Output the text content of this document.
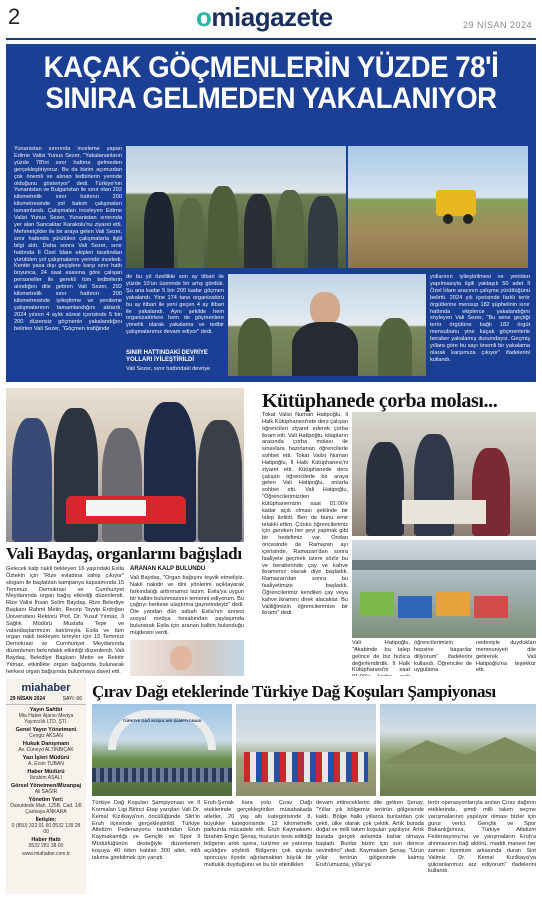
2	omiagazete	29 NİSAN 2024
KAÇAK GÖÇMENLERİN YÜZDE 78'İ
SINIRA GELMEDEN YAKALANIYOR
Yunanistan sınırında inceleme yapan Edirne Valisi Yunus Sezer, "Yakalananların yüzde 78'ini sınır hattına gelmeden gerçekleştiriyoruz. Bu da bizim açımızdan çok önemli ve alınan tedbirlerin yerinde olduğunu gösteriyor" dedi. Türkiye'nin Yunanistan ve Bulgaristan ile sınır olan 292 kilometrelik sınır hattının 200 kilometresinde yol bakım çalışmaları tamamlandı. Çalışmaları inceleyen Edirne Valisi Yunus Sezer, Yunanistan sınırında yer alan Sancaktar Karakolu'nu ziyaret etti. Mehmetçikler ile bir araya gelen Vali Sezer, sınır hattında yürütülen çalışmalarla ilgili bilgi aldı. Daha sonra Vali Sezer, sınır hattında İl Özel İdare ekipleri tarafından yürütülen yol çalışmalarını yerinde inceledi. Kentte yasa dışı geçişlere karşı sınır hattı boyunca, 24 saat esasına göre çalışan personeller ile gerekli tüm tedbirlerin alındığını dile getiren Vali Sezer, 292 kilometrelik sınır hattının 200 kilometresinde iyileştirme ve yenileme çalışmalarının tamamlandığını aktardı. 2024 yılının 4 aylık süresi içerisinde 5 bin 200 düzensiz göçmenin yakalandığını belirten Vali Sezer, "Göçmen trafiğinde
de bu yıl özellikle son ay itibari ile yüzde 10'un üzerinde bir artış gördük. Şu ana kadar 5 bin 200 kadar göçmen yakalandı. Yine 174 tane organizatörü bu ay itibari ile yeni geçen 4 ay itibari ile yakalandı. Aynı şekilde hem organizatörlere hem de göçmenlere yönelik olarak yakalama ve tedbir çalışmalarımız devam ediyor" dedi.
SINIR HATTINDAKİ DEVRİYE YOLLARI İYİLEŞTİRİLDİ
Vali Sezer, sınır hattındaki devriye
yollarının iyileştirilmesi ve yeniden yapılmasıyla ilgili yaklaşık 50 adet İl Özel İdare aracının çalışma yürüttüğünü belirtti. 2024 yılı içerisinde farklı terör örgütlerine mensup 182 şüphelinin sınır hattında ekiplerce yakalandığını söyleyen Vali Sezer, "Bu sene geçtiği terör örgütüne bağlı 182 örgüt mensubunu yine kaçak göçmenlerle beraber yakalamış durumdayız. Geçmiş yıllara göre bu sayı önemli bir yakalama olarak karşımıza çıkıyor" ifadelerini kullandı.
Vali Baydaş, organlarını bağışladı
Gelecek kalp nakli bekleyen 16 yaşındaki Esila Öztekin için "Rize evladına sahip çıkıyor" sloganı ile başlatılan kampanya kapsamında 15 Temmuz Demokrasi ve Cumhuriyet Meydanında organ bağış etkinliği düzenlendi. Rize Valisi İhsan Selim Baydaş, Rize Belediye Başkanı Rahmi Metin, Recep Tayyip Erdoğan Üniversitesi Rektörü Prof. Dr. Yusuf Yılmaz, İl Sağlık Müdürü Mustafa Tepe ve vatandaşlarımızın katılımıyla Esila ve tüm organ nakli bekleyen bireyler için 15 Temmuz Demokrasi ve Cumhuriyet Meydanında düzenlenen farkındalık etkinliği düzenlendi. Vali Baydaş, Belediye Başkanı Metin ve Rektör Yılmaz, etkinlikte organ bağışında bulunarak herkesi organ bağışında bulunmaya davet etti.
ARANAN KALP BULUNDU
Vali Baydaş, "Organ bağışını teşvik etmeliyiz. Nakil nakidir ve dini yönlerini açıklayarak farkındalığı arttırmamız lazım. Esila'ya uygun bir kalbin bulunmasının temenni ediyorum. Bu çağrıyı herkese ulaştırma gayretindeyiz" dedi. Öte yandan dün sabah Esila'nın annesi sosyal medya hesabından paylaşımda bulunarak Esila için aranan kalbin bulunduğu müjdesini verdi.
Kütüphanede çorba molası...
Tokat Valisi Numan Hatipoğlu, İl Halk Kütüphanesi'nde ders çalışan öğrencileri ziyaret ederek çorba ikram etti. Vali Hatipoğlu, kitapların arasında çorba molası ile sınavlara hazırlanan öğrencilerle sohbet etti. Tokat Valisi Numan Hatipoğlu, İl Halk Kütüphanesi'ni ziyaret etti. Kütüphanede ders çalışan öğrencilerle bir araya gelen Vali Hatipoğlu, onlarla sohbet etti. Vali Hatipoğlu, "Öğrencilerimizden kütüphanemizin saat 01:00'e kadar açık olması şeklinde bir talep iletildi. Ben de bunu emir telakki ettim. Çünkü öğrencilerimiz için gereken her şeyi yapmak gibi bir hedefimiz var. Ondan öncesinde de Ramazan ayı içerisinde, Ramazan'dan sonra faaliyete geçmek üzere sözle bu ve beraberinde çay ve kahve ikramımız olacak diye başladık. Ramazan'dan sonra bu faaliyetimize başladık. Öğrencilerimiz kendileri çay veya kahve ikramını direk alacaklar. Bu Valiliğimizin öğrencilerimize bir ikramı" dedi.
Vali Hatipoğlu, "Akabinde bu talep gelince de biz hızlıca değerlendirdik. İl Halk Kütüphanesi'ni saat
öğrencilerimizin hepsine başarılar diliyorum" ifadelerini kullandı. Öğrenciler de uygulama
nedeniyle duydukları memnuniyeti dile getirerek Vali Hatipoğlu'na teşekkür etti.
miahaber
29 NİSAN 2024	SAYI: 66
Yayın Sahibi
Mia Haber Ajansı Medya Yayıncılık LTD. ŞTİ.
Genel Yayın Yönetmeni
Cengiz AKSAN
Hukuk Danışmanı
Av. Cüneyd ALTINBIÇAK
Yazı İşleri Müdürü
A. Ersin TUBAN
Haber Müdürü
İbrahim ASALI
Görsel Yönetmen/Mizanpaj
Ali SAĞIR
Yönetim Yeri:
Davutdede Mah. 125B. Cad. 1/8 Çankaya ANKARA
İletişim:
0 (850) 322 01 60 0532 139 28 00
Haber Hattı
0532 281 38 00
www.miahaber.com.tr
Çırav Dağı eteklerinde Türkiye Dağ Koşuları Şampiyonası
TÜRKİYE DAĞ KOŞULARI ŞAMPİYONASI
Türkiye Dağ Koşuları Şampiyonası ve İl Kormaları Ligi Birinci Etap yarışları Vali Dr. Kemal Kızılkaya'nın öncülüğünde Siirt'in Eruh ilçesinde gerçekleştirildi. Türkiye Atletizm Federasyonu tarafından Eruh Kaymakamlığı ve Gençlik ve Spor İl Müdürlüğünün desteğiyle düzenlenen koşuya 40 ilden katılan 300 atlet, milli takıma girebilmek için yarıştı.
Eruh-Şırnak kara yolu Çırav Dağı eteklerinde gerçekleştirilen müsabakada atletler, 20 yaş altı kategorisinde 8, büyükler kategorisinde 12 kilometrelik parkurda mücadele etti. Eruh Kaymakamı İbrahim Engin Şenay, huzurun tesis edildiği bölgenin artık spora, turizme ve yatırıma açıldığını söyledi. Bölgenin çok sayıda sporcuyu ilçede ağırlamaktan büyük bir mutluluk duyduğunu ve bu tür etkinlikleri
devam ettireceklerini dile getiren Şenay, "Yıllar yılı bölgemiz terörün gölgesinde kaldı. Bölge halkı yıllarca bunlardan çok çekti, ülke olarak çok çektik. Artık burada doğal ve milli takım koşuları yapılıyor. Artık burada gerçek anlamda bahar olmaya başladı. Bunlar bizim için son derece sevindirici" dedi. Kaymakam Şenay, "Uzun yıllar terörün gölgesinde kalmış Eruh'umuzda, yıllar'ya'
terör operasyonlarıyla anılan Çırav dağının eteklerinde, şimdi milli takım seçme yarışmalarının yapılıyor olması bizler için gurur verici. Gençlik ve Spor Bakanlığımıza, Türkiye Atletizm Federasyonu'na ve yarışmaların Eruh'a alınmasının bağ aktörü, maddi manevi her zaman ilçemizin arkasında duran Siirt Valimiz Dr. Kemal Kızılkaya'ya şükranlarımızı arz ediyorum" ifadelerini kullandı.
